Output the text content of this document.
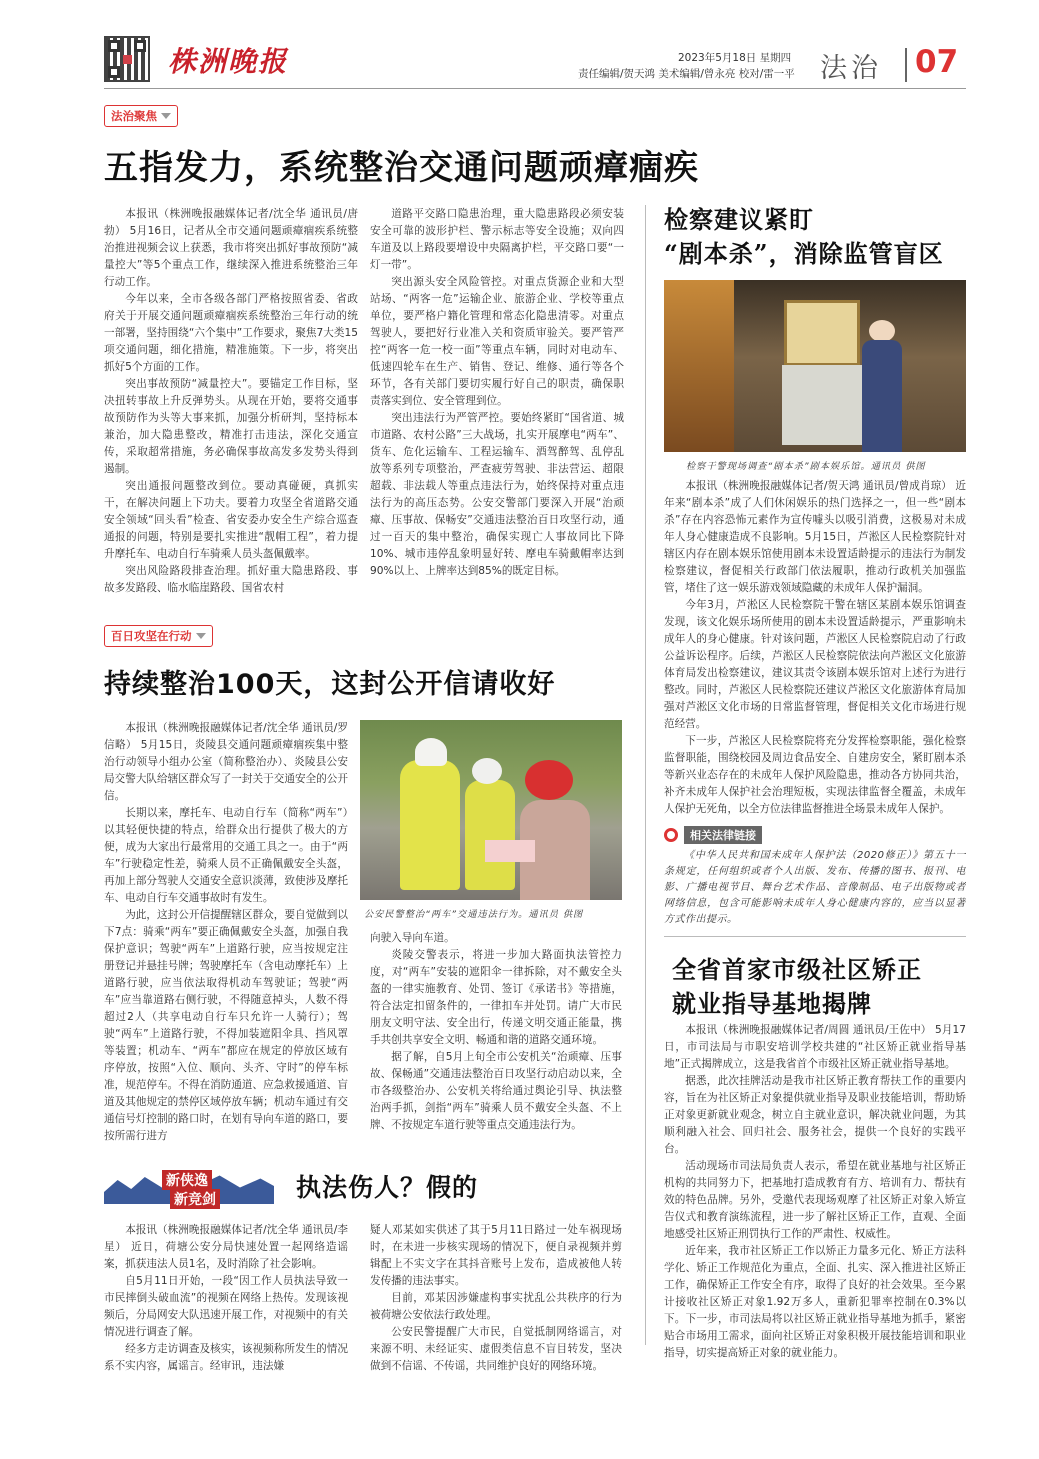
株洲晚报	2023年5月18日 星期四
责任编辑/贺天鸿 美术编辑/曾永亮 校对/雷一平 法治 07
法治聚焦
五指发力，系统整治交通问题顽瘴痼疾

本报讯（株洲晚报融媒体记者/沈全华 通讯员/唐勃） 5月16日，记者从全市交通问题顽瘴痼疾系统整治推进视频会议上获悉，我市将突出抓好事故预防“减量控大”等5个重点工作，继续深入推进系统整治三年行动工作。

今年以来，全市各级各部门严格按照省委、省政府关于开展交通问题顽瘴痼疾系统整治三年行动的统一部署，坚持围绕“六个集中”工作要求，聚焦7大类15项交通问题，细化措施，精准施策。下一步，将突出抓好5个方面的工作。

突出事故预防“减量控大”。要锚定工作目标，坚决扭转事故上升反弹势头。从现在开始，要将交通事故预防作为头等大事来抓，加强分析研判，坚持标本兼治，加大隐患整改，精准打击违法，深化交通宣传，采取超常措施，务必确保事故高发多发势头得到遏制。

突出通报问题整改到位。要动真碰硬，真抓实干，在解决问题上下功夫。要着力攻坚全省道路交通安全领域“回头看”检查、省安委办安全生产综合巡查通报的问题，特别是要扎实推进“靓帽工程”，着力提升摩托车、电动自行车骑乘人员头盔佩戴率。

突出风险路段排查治理。抓好重大隐患路段、事故多发路段、临水临崖路段、国省农村

道路平交路口隐患治理，重大隐患路段必须安装安全可靠的波形护栏、警示标志等安全设施；双向四车道及以上路段要增设中央隔离护栏，平交路口要“一灯一带”。

突出源头安全风险管控。对重点货源企业和大型站场、“两客一危”运输企业、旅游企业、学校等重点单位，要严格户籍化管理和常态化隐患清零。对重点驾驶人，要把好行业准入关和资质审验关。要严管严控“两客一危一校一面”等重点车辆，同时对电动车、低速四轮车在生产、销售、登记、维修、通行等各个环节，各有关部门要切实履行好自己的职责，确保职责落实到位、安全管理到位。

突出违法行为严管严控。要始终紧盯“国省道、城市道路、农村公路”三大战场，扎实开展摩电“两车”、货车、危化运输车、工程运输车、酒驾醉驾、乱停乱放等系列专项整治，严查疲劳驾驶、非法营运、超限超载、非法载人等重点违法行为，始终保持对重点违法行为的高压态势。公安交警部门要深入开展“治顽瘴、压事故、保畅安”交通违法整治百日攻坚行动，通过一百天的集中整治，确保实现亡人事故同比下降10%、城市违停乱象明显好转、摩电车骑戴帽率达到90%以上、上牌率达到85%的既定目标。

百日攻坚在行动
持续整治100天，这封公开信请收好

本报讯（株洲晚报融媒体记者/沈全华 通讯员/罗信略） 5月15日，炎陵县交通问题顽瘴痼疾集中整治行动领导小组办公室（简称整治办）、炎陵县公安局交警大队给辖区群众写了一封关于交通安全的公开信。

长期以来，摩托车、电动自行车（简称“两车”）以其轻便快捷的特点，给群众出行提供了极大的方便，成为大家出行最常用的交通工具之一。由于“两车”行驶稳定性差，骑乘人员不正确佩戴安全头盔，再加上部分驾驶人交通安全意识淡薄，致使涉及摩托车、电动自行车交通事故时有发生。

为此，这封公开信提醒辖区群众，要自觉做到以下7点：骑乘“两车”要正确佩戴安全头盔，加强自我保护意识；驾驶“两车”上道路行驶，应当按规定注册登记并悬挂号牌；驾驶摩托车（含电动摩托车）上道路行驶，应当依法取得机动车驾驶证；驾驶“两车”应当靠道路右侧行驶，不得随意掉头，人数不得超过2人（共享电动自行车只允许一人骑行）；驾驶“两车”上道路行驶，不得加装遮阳伞具、挡风罩等装置；机动车、“两车”都应在规定的停放区域有序停放，按照“入位、顺向、头齐、守时”的停车标准，规范停车。不得在消防通道、应急救援通道、盲道及其他规定的禁停区域停放车辆；机动车通过有交通信号灯控制的路口时，在划有导向车道的路口，要按所需行进方

公安民警整治“两车”交通违法行为。通讯员 供图

向驶入导向车道。

炎陵交警表示，将进一步加大路面执法管控力度，对“两车”安装的遮阳伞一律拆除，对不戴安全头盔的一律实施教育、处罚、签订《承诺书》等措施，符合法定扣留条件的，一律扣车并处罚。请广大市民朋友文明守法、安全出行，传递文明交通正能量，携手共创共享安全文明、畅通和谐的道路交通环境。

据了解，自5月上旬全市公安机关“治顽瘴、压事故、保畅通”交通违法整治百日攻坚行动启动以来，全市各级整治办、公安机关将给通过舆论引导、执法整治两手抓，剑指“两车”骑乘人员不戴安全头盔、不上牌、不按规定车道行驶等重点交通违法行为。

新侠逸
新竞剑	执法伤人？假的

本报讯（株洲晚报融媒体记者/沈全华 通讯员/李星） 近日，荷塘公安分局快速处置一起网络造谣案，抓获违法人员1名，及时消除了社会影响。

自5月11日开始，一段“因工作人员执法导致一市民摔倒头破血流”的视频在网络上热传。发现该视频后，分局网安大队迅速开展工作，对视频中的有关情况进行调查了解。

经多方走访调查及核实，该视频称所发生的情况系不实内容，属谣言。经审讯，违法嫌

疑人邓某如实供述了其于5月11日路过一处车祸现场时，在未进一步核实现场的情况下，便自录视频并剪辑配上不实文字在其抖音账号上发布，造成被他人转发传播的违法事实。

目前，邓某因涉嫌虚构事实扰乱公共秩序的行为被荷塘公安依法行政处理。

公安民警提醒广大市民，自觉抵制网络谣言，对来源不明、未经证实、虚假类信息不盲目转发，坚决做到不信谣、不传谣，共同维护良好的网络环境。

检察建议紧盯
“剧本杀”，消除监管盲区
检察干警现场调查“剧本杀”剧本娱乐馆。通讯员 供图

本报讯（株洲晚报融媒体记者/贺天鸿 通讯员/曾成肖琼） 近年来“剧本杀”成了人们休闲娱乐的热门选择之一，但一些“剧本杀”存在内容恐怖元素作为宣传噱头以吸引消费，这极易对未成年人身心健康造成不良影响。5月15日，芦淞区人民检察院针对辖区内存在剧本娱乐馆使用剧本未设置适龄提示的违法行为制发检察建议，督促相关行政部门依法履职，推动行政机关加强监管，堵住了这一娱乐游戏领域隐藏的未成年人保护漏洞。

今年3月，芦淞区人民检察院干警在辖区某剧本娱乐馆调查发现，该文化娱乐场所使用的剧本未设置适龄提示，严重影响未成年人的身心健康。针对该问题，芦淞区人民检察院启动了行政公益诉讼程序。后续，芦淞区人民检察院依法向芦淞区文化旅游体育局发出检察建议，建议其责令该剧本娱乐馆对上述行为进行整改。同时，芦淞区人民检察院还建议芦淞区文化旅游体育局加强对芦淞区文化市场的日常监督管理，督促相关文化市场进行规范经营。

下一步，芦淞区人民检察院将充分发挥检察职能，强化检察监督职能，围绕校园及周边食品安全、自建房安全，紧盯剧本杀等新兴业态存在的未成年人保护风险隐患，推动各方协同共治，补齐未成年人保护社会治理短板，实现法律监督全覆盖，未成年人保护无死角，以全方位法律监督推进全场景未成年人保护。

相关法律链接

《中华人民共和国未成年人保护法（2020修正）》第五十一条规定，任何组织或者个人出版、发布、传播的图书、报刊、电影、广播电视节目、舞台艺术作品、音像制品、电子出版物或者网络信息，包含可能影响未成年人身心健康内容的，应当以显著方式作出提示。

全省首家市级社区矫正
就业指导基地揭牌

本报讯（株洲晚报融媒体记者/周圆 通讯员/王佐中） 5月17日，市司法局与市职安培训学校共建的“社区矫正就业指导基地”正式揭牌成立，这是我省首个市级社区矫正就业指导基地。

据悉，此次挂牌活动是我市社区矫正教育帮扶工作的重要内容，旨在为社区矫正对象提供就业指导及职业技能培训，帮助矫正对象更新就业观念，树立自主就业意识，解决就业问题，为其顺利融入社会、回归社会、服务社会，提供一个良好的实践平台。

活动现场市司法局负责人表示，希望在就业基地与社区矫正机构的共同努力下，把基地打造成教育有方、培训有力、帮扶有效的特色品牌。另外，受邀代表现场观摩了社区矫正对象入矫宣告仪式和教育演练流程，进一步了解社区矫正工作，直观、全面地感受社区矫正刑罚执行工作的严肃性、权威性。

近年来，我市社区矫正工作以矫正力量多元化、矫正方法科学化、矫正工作规范化为重点，全面、扎实、深入推进社区矫正工作，确保矫正工作安全有序，取得了良好的社会效果。至今累计接收社区矫正对象1.92万多人，重新犯罪率控制在0.3%以下。下一步，市司法局将以社区矫正就业指导基地为抓手，紧密贴合市场用工需求，面向社区矫正对象积极开展技能培训和职业指导，切实提高矫正对象的就业能力。
